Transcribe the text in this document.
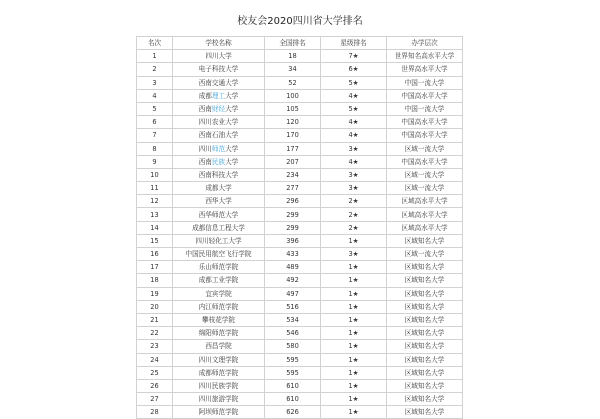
校友会2020四川省大学排名
名次	学校名称	全国排名	星级排名	办学层次
1	四川大学	18	7★	世界知名高水平大学
2	电子科技大学	34	6★	世界高水平大学
3	西南交通大学	52	5★	中国一流大学
4	成都理工大学	100	4★	中国高水平大学
5	西南财经大学	105	5★	中国一流大学
6	四川农业大学	120	4★	中国高水平大学
7	西南石油大学	170	4★	中国高水平大学
8	四川师范大学	177	3★	区域一流大学
9	西南民族大学	207	4★	中国高水平大学
10	西南科技大学	234	3★	区域一流大学
11	成都大学	277	3★	区域一流大学
12	西华大学	296	2★	区域高水平大学
13	西华师范大学	299	2★	区域高水平大学
14	成都信息工程大学	299	2★	区域高水平大学
15	四川轻化工大学	396	1★	区域知名大学
16	中国民用航空飞行学院	433	3★	区域一流大学
17	乐山师范学院	489	1★	区域知名大学
18	成都工业学院	492	1★	区域知名大学
19	宜宾学院	497	1★	区域知名大学
20	内江师范学院	516	1★	区域知名大学
21	攀枝花学院	534	1★	区域知名大学
22	绵阳师范学院	546	1★	区域知名大学
23	西昌学院	580	1★	区域知名大学
24	四川文理学院	595	1★	区域知名大学
25	成都师范学院	595	1★	区域知名大学
26	四川民族学院	610	1★	区域知名大学
27	四川旅游学院	610	1★	区域知名大学
28	阿坝师范学院	626	1★	区域知名大学
